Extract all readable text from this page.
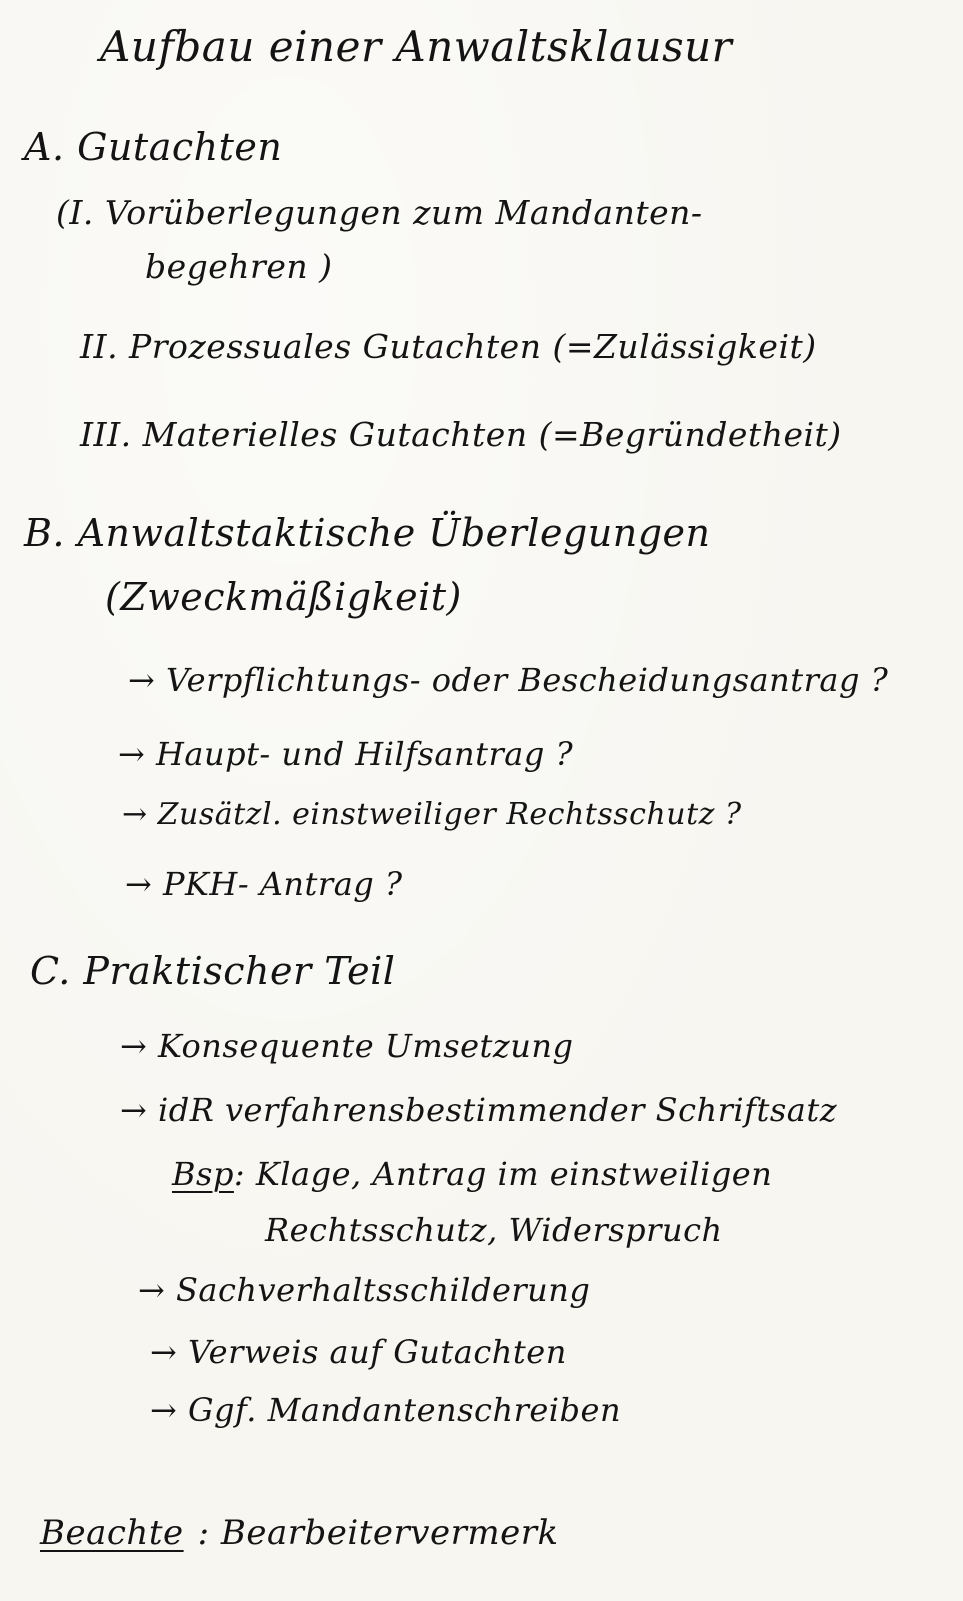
Aufbau einer Anwaltsklausur
A. Gutachten
(I. Vorüberlegungen zum Mandanten-
begehren )
II. Prozessuales Gutachten (=Zulässigkeit)
III. Materielles Gutachten (=Begründetheit)
B. Anwaltstaktische Überlegungen
(Zweckmäßigkeit)
→ Verpflichtungs- oder Bescheidungsantrag ?
→ Haupt- und Hilfsantrag ?
→ Zusätzl. einstweiliger Rechtsschutz ?
→ PKH- Antrag ?
C. Praktischer Teil
→ Konsequente Umsetzung
→ idR verfahrensbestimmender Schriftsatz
Bsp: Klage, Antrag im einstweiligen
Rechtsschutz, Widerspruch
→ Sachverhaltsschilderung
→ Verweis auf Gutachten
→ Ggf. Mandantenschreiben
Beachte : Bearbeitervermerk
